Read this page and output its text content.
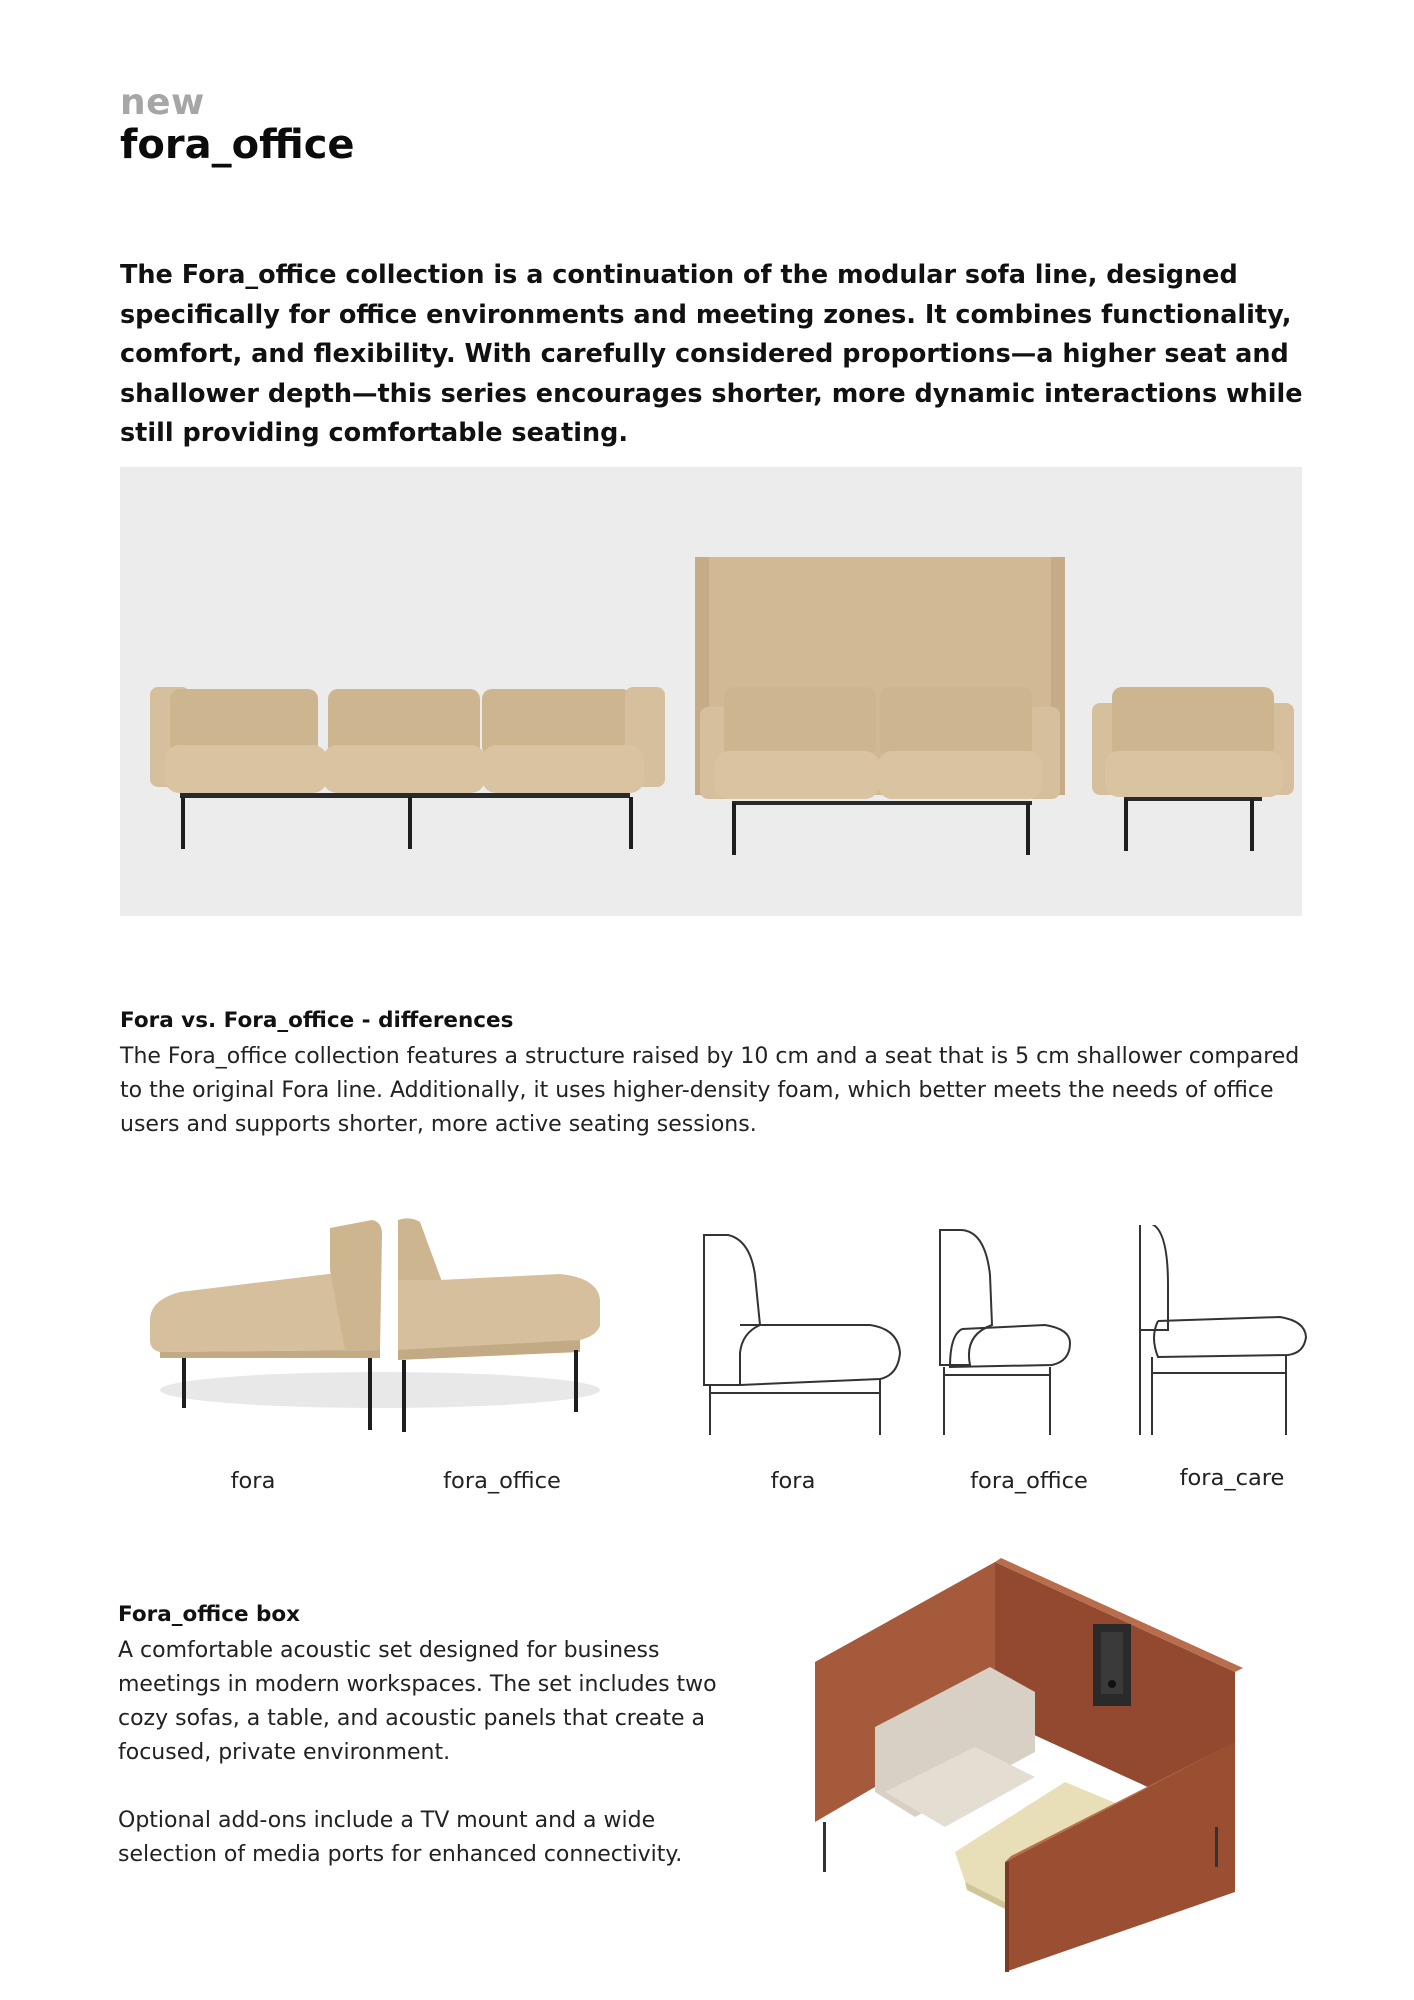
new
fora_office
The Fora_office collection is a continuation of the modular sofa line, designed specifically for office environments and meeting zones. It combines functionality, comfort, and flexibility. With carefully considered proportions—a higher seat and shallower depth—this series encourages shorter, more dynamic interactions while still providing comfortable seating.
Fora vs. Fora_office - differences
The Fora_office collection features a structure raised by 10 cm and a seat that is 5 cm shallower compared to the original Fora line. Additionally, it uses higher-density foam, which better meets the needs of office users and supports shorter, more active seating sessions.
fora	fora_office	fora	fora_office	fora_care
Fora_office box
A comfortable acoustic set designed for business meetings in modern workspaces. The set includes two cozy sofas, a table, and acoustic panels that create a focused, private environment.
Optional add-ons include a TV mount and a wide selection of media ports for enhanced connectivity.
